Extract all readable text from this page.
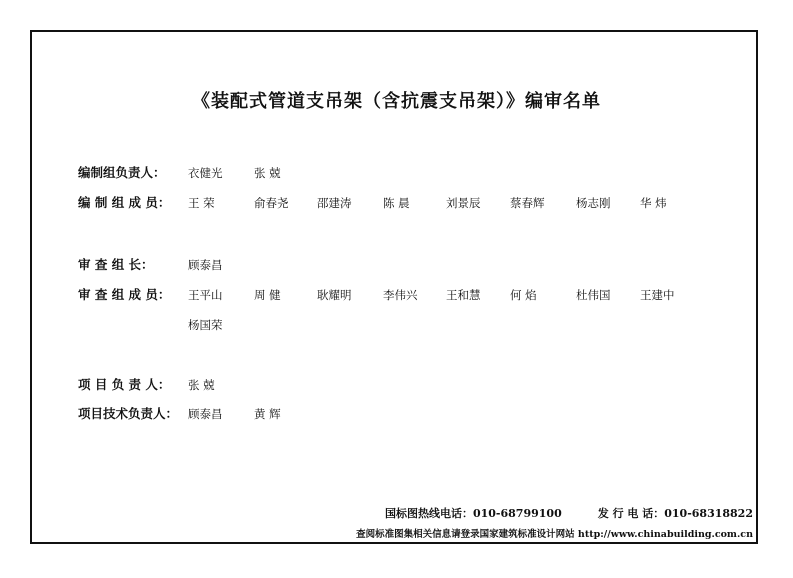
《装配式管道支吊架（含抗震支吊架）》编审名单
编制组负责人： 衣健光	张 兢
编 制 组 成 员： 王 荣	俞春尧 邵建涛	陈 晨	刘景辰	蔡春辉	杨志刚	华 炜
审 查 组 长：	顾泰昌
审 查 组 成 员： 王平山	周 健	耿耀明	李伟兴 王和慧	何 焰	杜伟国	王建中
杨国荣
项 目 负 责 人： 张 兢
项目技术负责人： 顾泰昌	黄 辉
国标图热线电话：010-68799100	发 行 电 话：010-68318822
查阅标准图集相关信息请登录国家建筑标准设计网站 http://www.chinabuilding.com.cn
